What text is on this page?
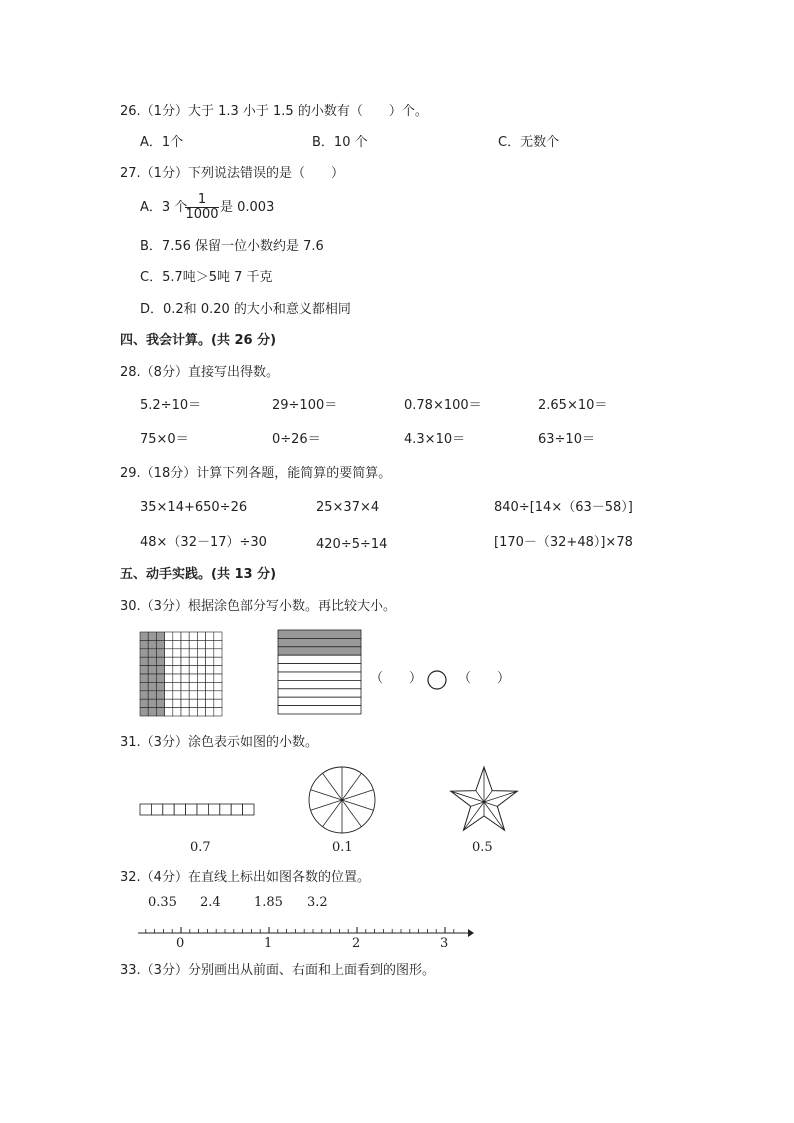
26.（1分）大于 1.3 小于 1.5 的小数有（　　）个。
A．1个	B．10 个	C．无数个
27.（1分）下列说法错误的是（　　）
A．3 个
$\frac{1}{1000}$ 是 0.003
B．7.56 保留一位小数约是 7.6
C．5.7吨＞5吨 7 千克
D．0.2和 0.20 的大小和意义都相同
四、我会计算。(共 26 分)
28.（8分）直接写出得数。
5.2÷10＝	29÷100＝	0.78×100＝	2.65×10＝
75×0＝	0÷26＝	4.3×10＝	63÷10＝
29.（18分）计算下列各题，能简算的要简算。
35×14+650÷26	25×37×4	840÷[14×（63－58）]
48×（32－17）÷30	420÷5÷14	[170－（32+48）]×78
五、动手实践。(共 13 分)
30.（3分）根据涂色部分写小数。再比较大小。
（　　）	（　　）
31.（3分）涂色表示如图的小数。
0.7	0.1	0.5
32.（4分）在直线上标出如图各数的位置。
0.35 2.4	1.85 3.2
0	1	2	3
33.（3分）分别画出从前面、右面和上面看到的图形。
